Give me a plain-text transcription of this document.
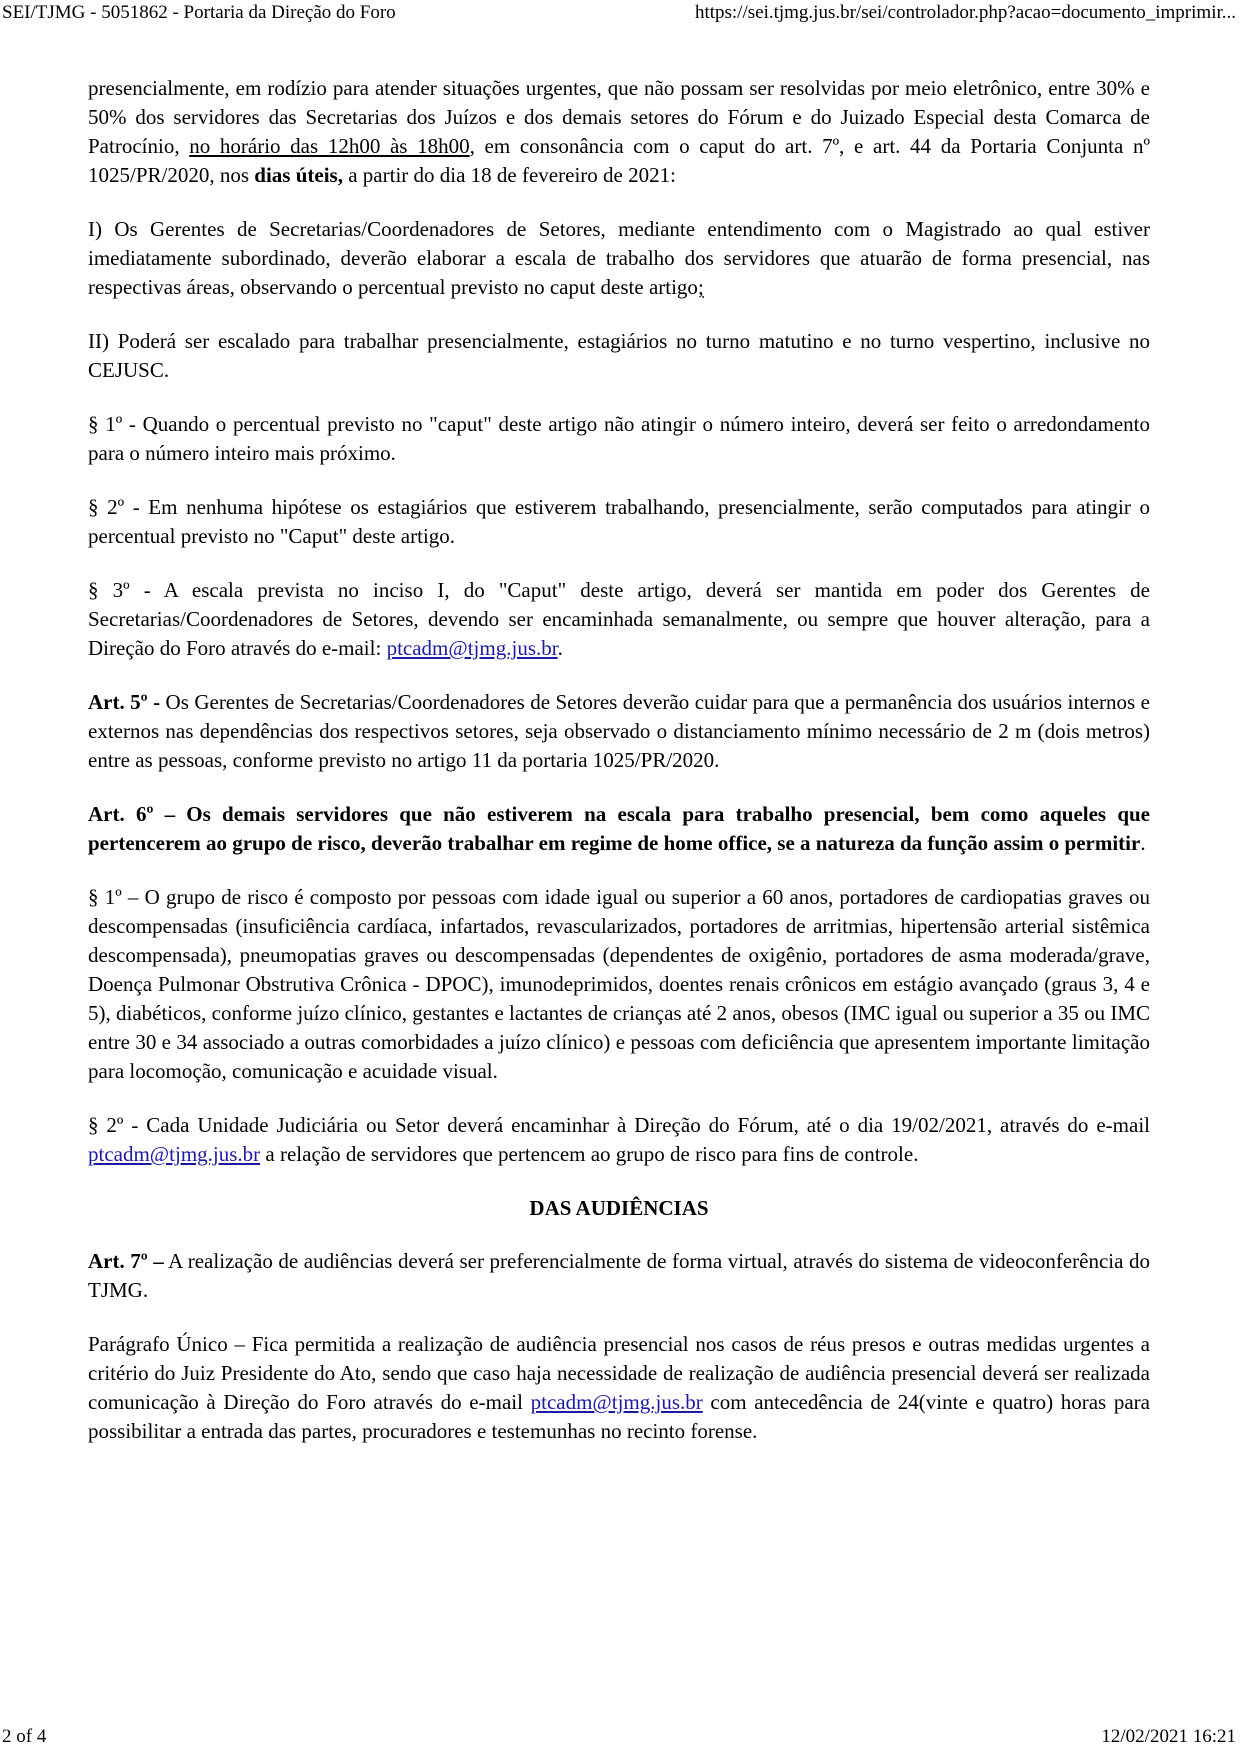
SEI/TJMG - 5051862 - Portaria da Direção do Foro	https://sei.tjmg.jus.br/sei/controlador.php?acao=documento_imprimir...

presencialmente, em rodízio para atender situações urgentes, que não possam ser resolvidas por meio eletrônico, entre 30% e 50% dos servidores das Secretarias dos Juízos e dos demais setores do Fórum e do Juizado Especial desta Comarca de Patrocínio, no horário das 12h00 às 18h00, em consonância com o caput do art. 7º, e art. 44 da Portaria Conjunta nº 1025/PR/2020, nos dias úteis, a partir do dia 18 de fevereiro de 2021:

I) Os Gerentes de Secretarias/Coordenadores de Setores, mediante entendimento com o Magistrado ao qual estiver imediatamente subordinado, deverão elaborar a escala de trabalho dos servidores que atuarão de forma presencial, nas respectivas áreas, observando o percentual previsto no caput deste artigo;

II) Poderá ser escalado para trabalhar presencialmente, estagiários no turno matutino e no turno vespertino, inclusive no CEJUSC.

§ 1º - Quando o percentual previsto no "caput" deste artigo não atingir o número inteiro, deverá ser feito o arredondamento para o número inteiro mais próximo.

§ 2º - Em nenhuma hipótese os estagiários que estiverem trabalhando, presencialmente, serão computados para atingir o percentual previsto no "Caput" deste artigo.

§ 3º - A escala prevista no inciso I, do "Caput" deste artigo, deverá ser mantida em poder dos Gerentes de Secretarias/Coordenadores de Setores, devendo ser encaminhada semanalmente, ou sempre que houver alteração, para a Direção do Foro através do e-mail: ptcadm@tjmg.jus.br.

Art. 5º - Os Gerentes de Secretarias/Coordenadores de Setores deverão cuidar para que a permanência dos usuários internos e externos nas dependências dos respectivos setores, seja observado o distanciamento mínimo necessário de 2 m (dois metros) entre as pessoas, conforme previsto no artigo 11 da portaria 1025/PR/2020.

Art. 6º – Os demais servidores que não estiverem na escala para trabalho presencial, bem como aqueles que pertencerem ao grupo de risco, deverão trabalhar em regime de home office, se a natureza da função assim o permitir.

§ 1º – O grupo de risco é composto por pessoas com idade igual ou superior a 60 anos, portadores de cardiopatias graves ou descompensadas (insuficiência cardíaca, infartados, revascularizados, portadores de arritmias, hipertensão arterial sistêmica descompensada), pneumopatias graves ou descompensadas (dependentes de oxigênio, portadores de asma moderada/grave, Doença Pulmonar Obstrutiva Crônica - DPOC), imunodeprimidos, doentes renais crônicos em estágio avançado (graus 3, 4 e 5), diabéticos, conforme juízo clínico, gestantes e lactantes de crianças até 2 anos, obesos (IMC igual ou superior a 35 ou IMC entre 30 e 34 associado a outras comorbidades a juízo clínico) e pessoas com deficiência que apresentem importante limitação para locomoção, comunicação e acuidade visual.

§ 2º - Cada Unidade Judiciária ou Setor deverá encaminhar à Direção do Fórum, até o dia 19/02/2021, através do e-mail ptcadm@tjmg.jus.br a relação de servidores que pertencem ao grupo de risco para fins de controle.

DAS AUDIÊNCIAS

Art. 7º – A realização de audiências deverá ser preferencialmente de forma virtual, através do sistema de videoconferência do TJMG.

Parágrafo Único – Fica permitida a realização de audiência presencial nos casos de réus presos e outras medidas urgentes a critério do Juiz Presidente do Ato, sendo que caso haja necessidade de realização de audiência presencial deverá ser realizada comunicação à Direção do Foro através do e-mail ptcadm@tjmg.jus.br com antecedência de 24(vinte e quatro) horas para possibilitar a entrada das partes, procuradores e testemunhas no recinto forense.

2 of 4	12/02/2021 16:21
